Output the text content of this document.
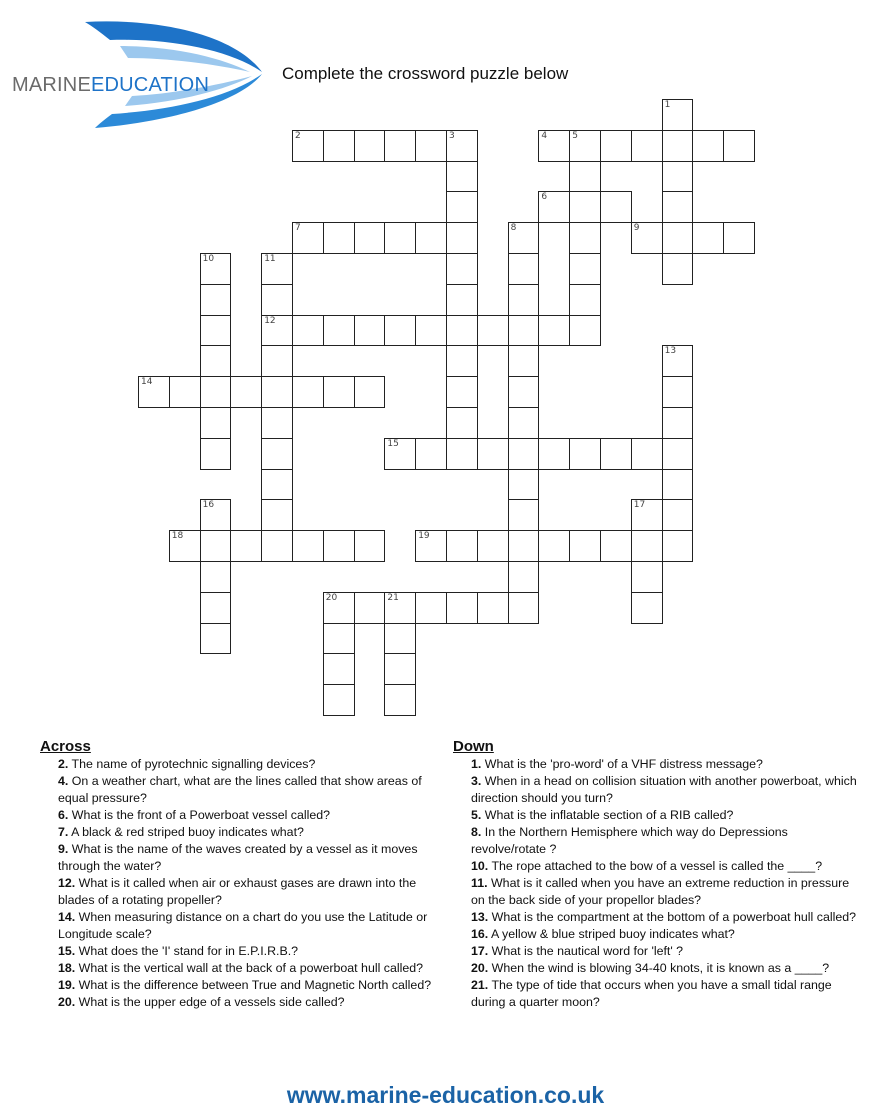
MARINEEDUCATION
Complete the crossword puzzle below
1
2	3	4	5
6
7	8	9
10	11
12
13
14
15
16	17
18	19
20	21
Across
2. The name of pyrotechnic signalling devices?
4. On a weather chart, what are the lines called that show areas of equal pressure?
6. What is the front of a Powerboat vessel called?
7. A black & red striped buoy indicates what?
9. What is the name of the waves created by a vessel as it moves through the water?
12. What is it called when air or exhaust gases are drawn into the blades of a rotating propeller?
14. When measuring distance on a chart do you use the Latitude or Longitude scale?
15. What does the 'I' stand for in E.P.I.R.B.?
18. What is the vertical wall at the back of a powerboat hull called?
19. What is the difference between True and Magnetic North called?
20. What is the upper edge of a vessels side called?
Down
1. What is the 'pro-word' of a VHF distress message?
3. When in a head on collision situation with another powerboat, which direction should you turn?
5. What is the inflatable section of a RIB called?
8. In the Northern Hemisphere which way do Depressions revolve/rotate ?
10. The rope attached to the bow of a vessel is called the ____?
11. What is it called when you have an extreme reduction in pressure on the back side of your propellor blades?
13. What is the compartment at the bottom of a powerboat hull called?
16. A yellow & blue striped buoy indicates what?
17. What is the nautical word for 'left' ?
20. When the wind is blowing 34-40 knots, it is known as a ____?
21. The type of tide that occurs when you have a small tidal range during a quarter moon?
www.marine-education.co.uk
